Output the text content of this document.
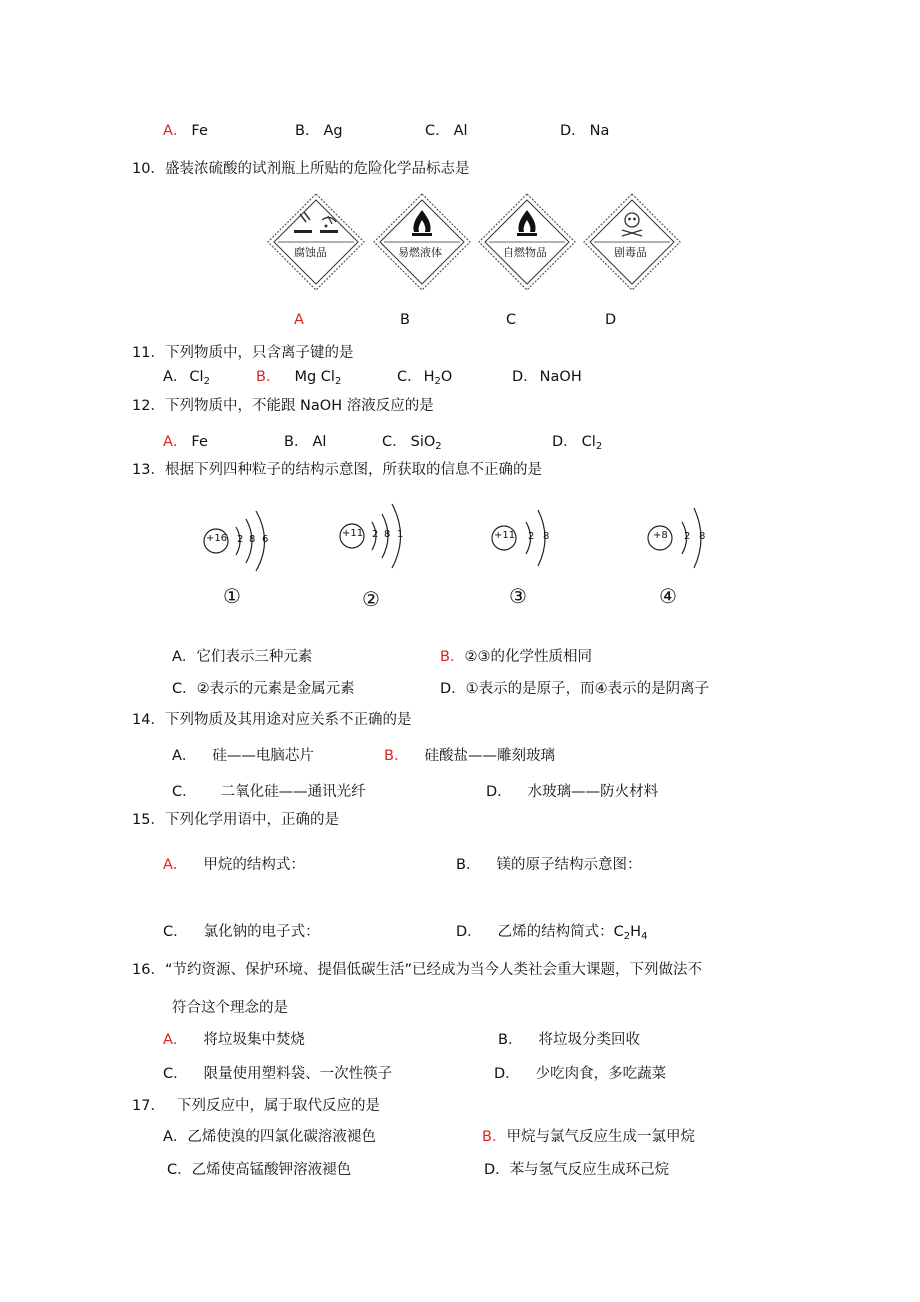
A． Fe	B． Ag	C． Al	D． Na
10．盛装浓硫酸的试剂瓶上所贴的危险化学品标志是
腐蚀品	易燃液体	自燃物品	剧毒品
A	B	C	D
11．下列物质中，只含离子键的是
A． $Cl_2$	B． Mg $Cl_2$	C． $H_2O$	D． NaOH
12．下列物质中，不能跟 NaOH 溶液反应的是
A． Fe	B． Al	C． SiO$_2$	D． $Cl_2$
13．根据下列四种粒子的结构示意图，所获取的信息不正确的是
+16 2 8 6
①
+11 2 8 1
②
+11 2 8
③
+8 2 8
④
A．它们表示三种元素	B．②③的化学性质相同
C．②表示的元素是金属元素	D．①表示的是原子，而④表示的是阴离子
14．下列物质及其用途对应关系不正确的是
A． 硅——电脑芯片	B． 硅酸盐——雕刻玻璃
C． 二氧化硅——通讯光纤	D． 水玻璃——防火材料
15．下列化学用语中，正确的是
A． 甲烷的结构式：	B． 镁的原子结构示意图：
C． 氯化钠的电子式：	D． 乙烯的结构简式：$C_2H_4$
16．“节约资源、保护环境、提倡低碳生活”已经成为当今人类社会重大课题，下列做法不
符合这个理念的是
A． 将垃圾集中焚烧	B． 将垃圾分类回收
C． 限量使用塑料袋、一次性筷子	D． 少吃肉食，多吃蔬菜
17． 下列反应中，属于取代反应的是
A．乙烯使溴的四氯化碳溶液褪色	B．甲烷与氯气反应生成一氯甲烷
C．乙烯使高锰酸钾溶液褪色	D．苯与氢气反应生成环己烷
